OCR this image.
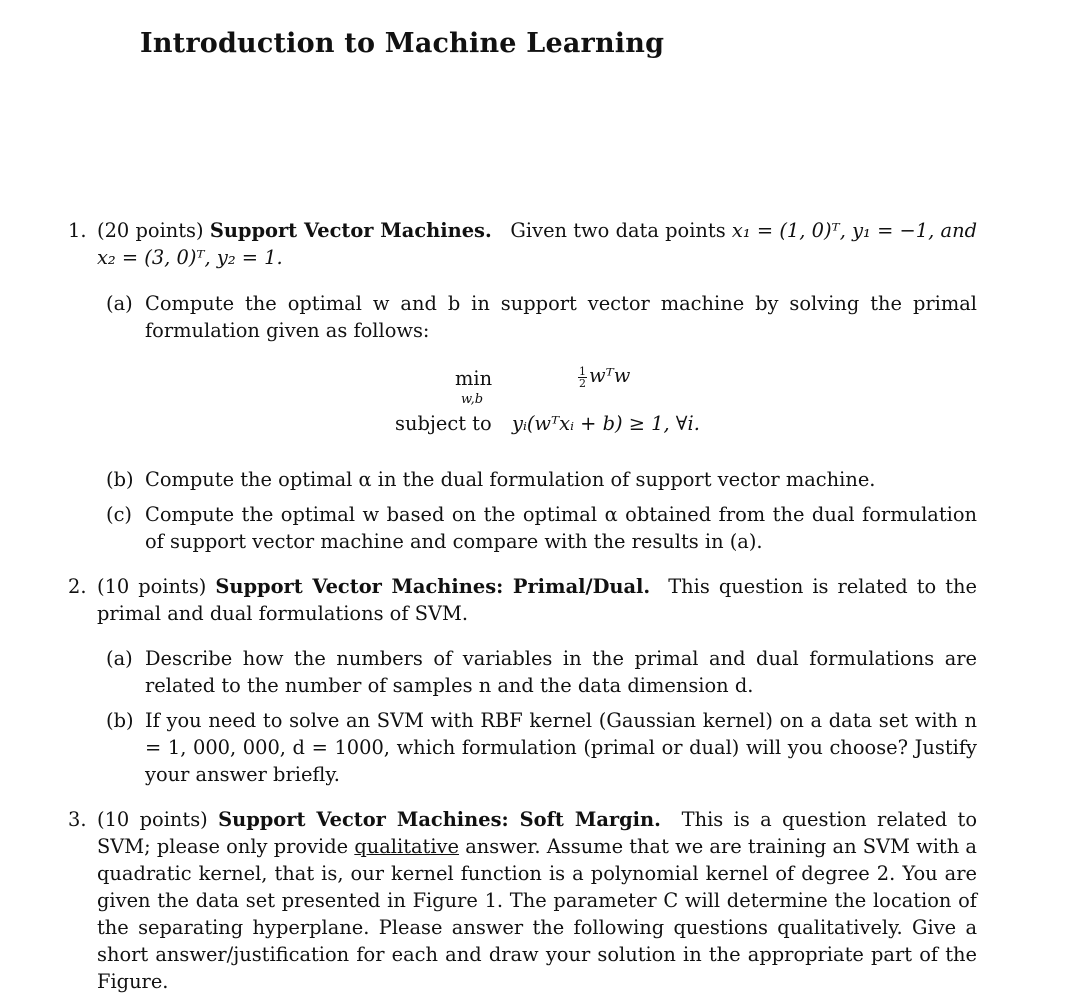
Introduction to Machine Learning
1. (20 points) Support Vector Machines. Given two data points x₁ = (1, 0)ᵀ, y₁ = −1, and x₂ = (3, 0)ᵀ, y₂ = 1.

(a) Compute the optimal w and b in support vector machine by solving the primal formulation given as follows:

min
w,b
$\frac{1}{2}$ wᵀw
subject to yᵢ(wᵀxᵢ + b) ≥ 1, ∀i.
(b) Compute the optimal α in the dual formulation of support vector machine.

(c) Compute the optimal w based on the optimal α obtained from the dual formulation of support vector machine and compare with the results in (a).

2. (10 points) Support Vector Machines: Primal/Dual. This question is related to the primal and dual formulations of SVM.

(a) Describe how the numbers of variables in the primal and dual formulations are related to the number of samples n and the data dimension d.

(b) If you need to solve an SVM with RBF kernel (Gaussian kernel) on a data set with n = 1, 000, 000, d = 1000, which formulation (primal or dual) will you choose? Justify your answer briefly.

3. (10 points) Support Vector Machines: Soft Margin. This is a question related to SVM; please only provide qualitative answer. Assume that we are training an SVM with a quadratic kernel, that is, our kernel function is a polynomial kernel of degree 2. You are given the data set presented in Figure 1. The parameter C will determine the location of the separating hyperplane. Please answer the following questions qualitatively. Give a short answer/justification for each and draw your solution in the appropriate part of the Figure.
